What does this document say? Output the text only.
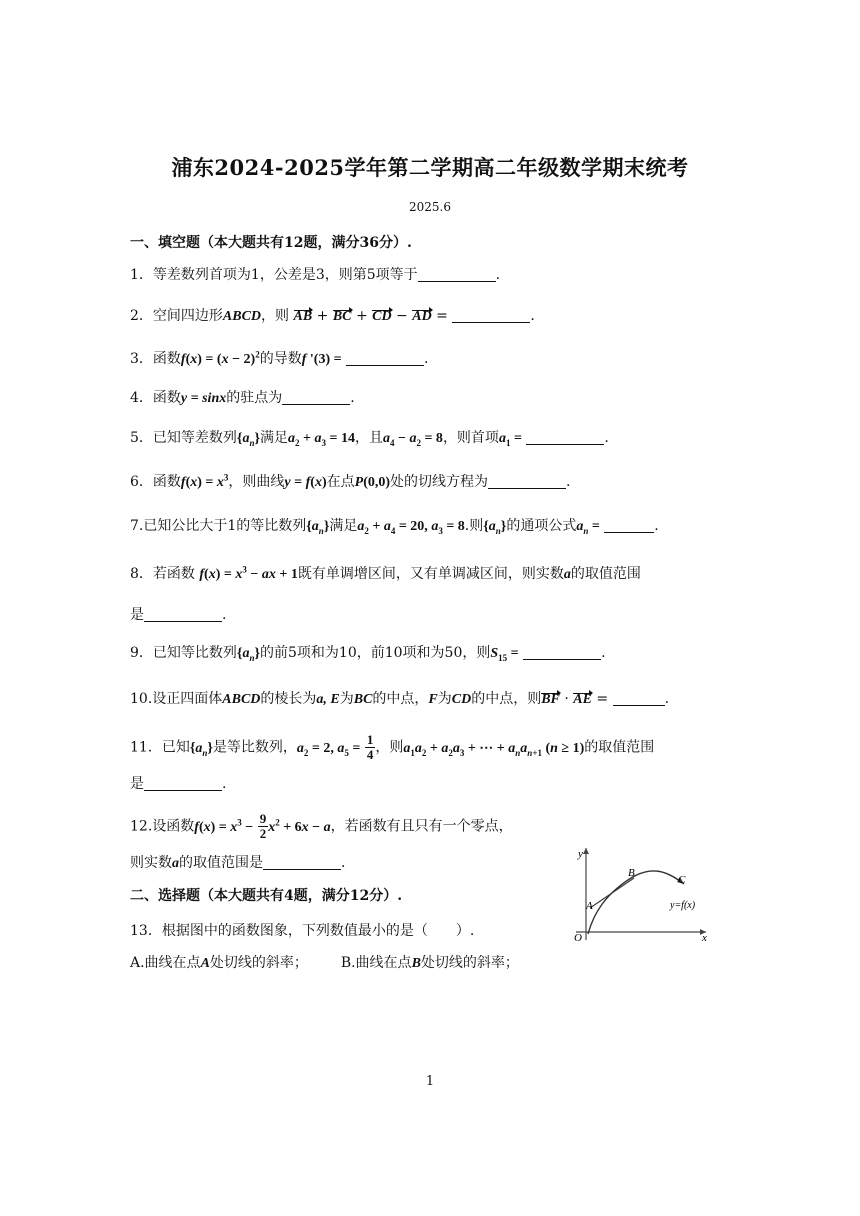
浦东2024-2025学年第二学期高二年级数学期末统考
2025.6
一、填空题（本大题共有12题，满分36分）.
1．等差数列首项为1，公差是3，则第5项等于	.
2．空间四边形ABCD，则 AB + BC + CD − AD =	.
3．函数$f(x) = (x - 2)^2$的导数f '(3) =	.
4．函数y = sinx的驻点为	.
5．已知等差数列$\{a_n\}$满足$a_2 + a_3 = 14$，且$a_4 - a_2 = 8$，则首项$a_1$ =	.
6．函数$f(x) = x^3$，则曲线y = f(x)在点P(0,0)处的切线方程为	.
7.已知公比大于1的等比数列$\{a_n\}$满足$a_2 + a_4 = 20$, $a_3 = 8$.则$\{a_n\}$的通项公式$a_n$ =	.
8．若函数 $f(x) = x^3$ − ax + 1既有单调增区间，又有单调减区间，则实数a的取值范围
是	.
9．已知等比数列$\{a_n\}$的前5项和为10，前10项和为50，则$S_{15}$ =	.
10.设正四面体ABCD的棱长为a, E为BC的中点，F为CD的中点，则BF · AE =	.
11．已知$\{a_n\}$是等比数列，$a_2 = 2$, $a_5 = \frac{1}{4}$ ，则$a_1a_2 + a_2a_3$ + ⋯ + $a_na_{n+1}$ (n ≥ 1)的取值范围
是	.
12.设函数$f(x) = x^3 - \frac{9}{2} x^2 + 6x - a$，若函数有且只有一个零点，
则实数a的取值范围是	.
二、选择题（本大题共有4题，满分12分）.
13．根据图中的函数图象，下列数值最小的是（　　）.
A.曲线在点A处切线的斜率； B.曲线在点B处切线的斜率；
y
x
O
A
B
C
y=f(x)
1
